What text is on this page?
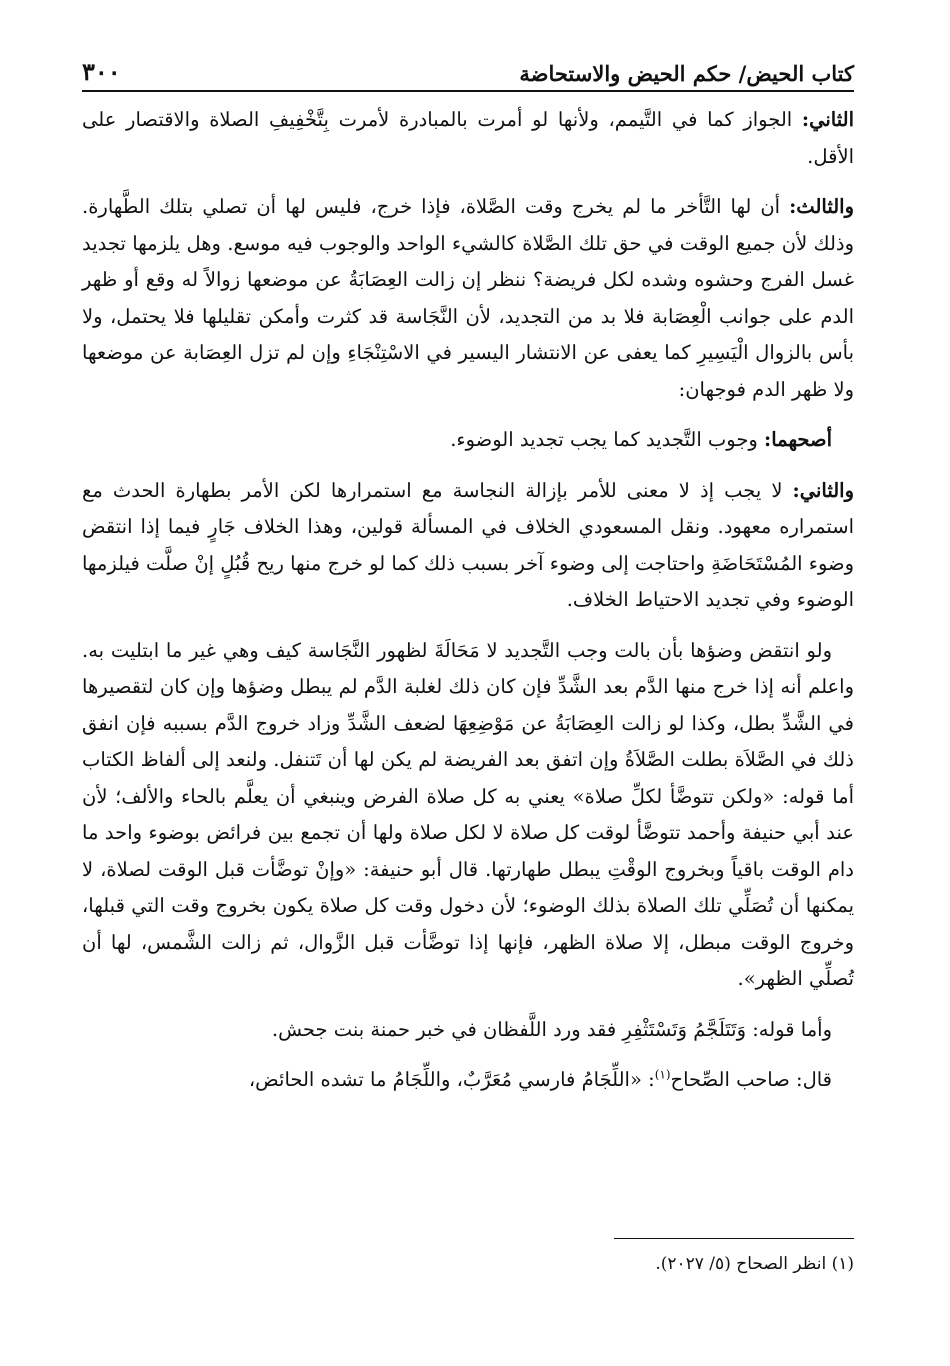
كتاب الحيض/ حكم الحيض والاستحاضة
٣٠٠

الثاني: الجواز كما في التَّيمم، ولأنها لو أمرت بالمبادرة لأمرت بِتَّخْفِيفِ الصلاة والاقتصار على الأقل.

والثالث: أن لها التَّأخر ما لم يخرج وقت الصَّلاة، فإذا خرج، فليس لها أن تصلي بتلك الطَّهارة. وذلك لأن جميع الوقت في حق تلك الصَّلاة كالشيء الواحد والوجوب فيه موسع. وهل يلزمها تجديد غسل الفرج وحشوه وشده لكل فريضة؟ ننظر إن زالت العِصَابَةُ عن موضعها زوالاً له وقع أو ظهر الدم على جوانب الْعِصَابة فلا بد من التجديد، لأن النَّجَاسة قد كثرت وأمكن تقليلها فلا يحتمل، ولا بأس بالزوال الْيَسِيرِ كما يعفى عن الانتشار اليسير في الاسْتِنْجَاءِ وإن لم تزل العِصَابة عن موضعها ولا ظهر الدم فوجهان:

أصحهما: وجوب التَّجديد كما يجب تجديد الوضوء.

والثاني: لا يجب إذ لا معنى للأمر بإزالة النجاسة مع استمرارها لكن الأمر بطهارة الحدث مع استمراره معهود. ونقل المسعودي الخلاف في المسألة قولين، وهذا الخلاف جَارٍ فيما إذا انتقض وضوء المُسْتَحَاضَةِ واحتاجت إلى وضوء آخر بسبب ذلك كما لو خرج منها ريح قُبُلٍ إنْ صلَّت فيلزمها الوضوء وفي تجديد الاحتياط الخلاف.

ولو انتقض وضؤها بأن بالت وجب التَّجديد لا مَحَالَةَ لظهور النَّجَاسة كيف وهي غير ما ابتليت به. واعلم أنه إذا خرج منها الدَّم بعد الشَّدِّ فإن كان ذلك لغلبة الدَّم لم يبطل وضؤها وإن كان لتقصيرها في الشَّدِّ بطل، وكذا لو زالت العِصَابَةُ عن مَوْضِعِهَا لضعف الشَّدِّ وزاد خروج الدَّم بسببه فإن انفق ذلك في الصَّلاَة بطلت الصَّلاَةُ وإن اتفق بعد الفريضة لم يكن لها أن تَتنفل. ولنعد إلى ألفاظ الكتاب أما قوله: «ولكن تتوضَّأ لكلِّ صلاة» يعني به كل صلاة الفرض وينبغي أن يعلَّم بالحاء والألف؛ لأن عند أبي حنيفة وأحمد تتوضَّأ لوقت كل صلاة لا لكل صلاة ولها أن تجمع بين فرائض بوضوء واحد ما دام الوقت باقياً وبخروج الوقْتِ يبطل طهارتها. قال أبو حنيفة: «وإنْ توضَّأت قبل الوقت لصلاة، لا يمكنها أن تُصَلِّي تلك الصلاة بذلك الوضوء؛ لأن دخول وقت كل صلاة يكون بخروج وقت التي قبلها، وخروج الوقت مبطل، إلا صلاة الظهر، فإنها إذا توضَّأت قبل الزَّوال، ثم زالت الشَّمس، لها أن تُصلِّي الظهر».

وأما قوله: وَتَتَلَجَّمُ وَتَسْتَثْفِرِ فقد ورد اللَّفظان في خبر حمنة بنت جحش.

قال: صاحب الصِّحاح$^{(١)}$: «اللِّجَامُ فارسي مُعَرَّبٌ، واللِّجَامُ ما تشده الحائض،

(١) انظر الصحاح (٥/ ٢٠٢٧).
